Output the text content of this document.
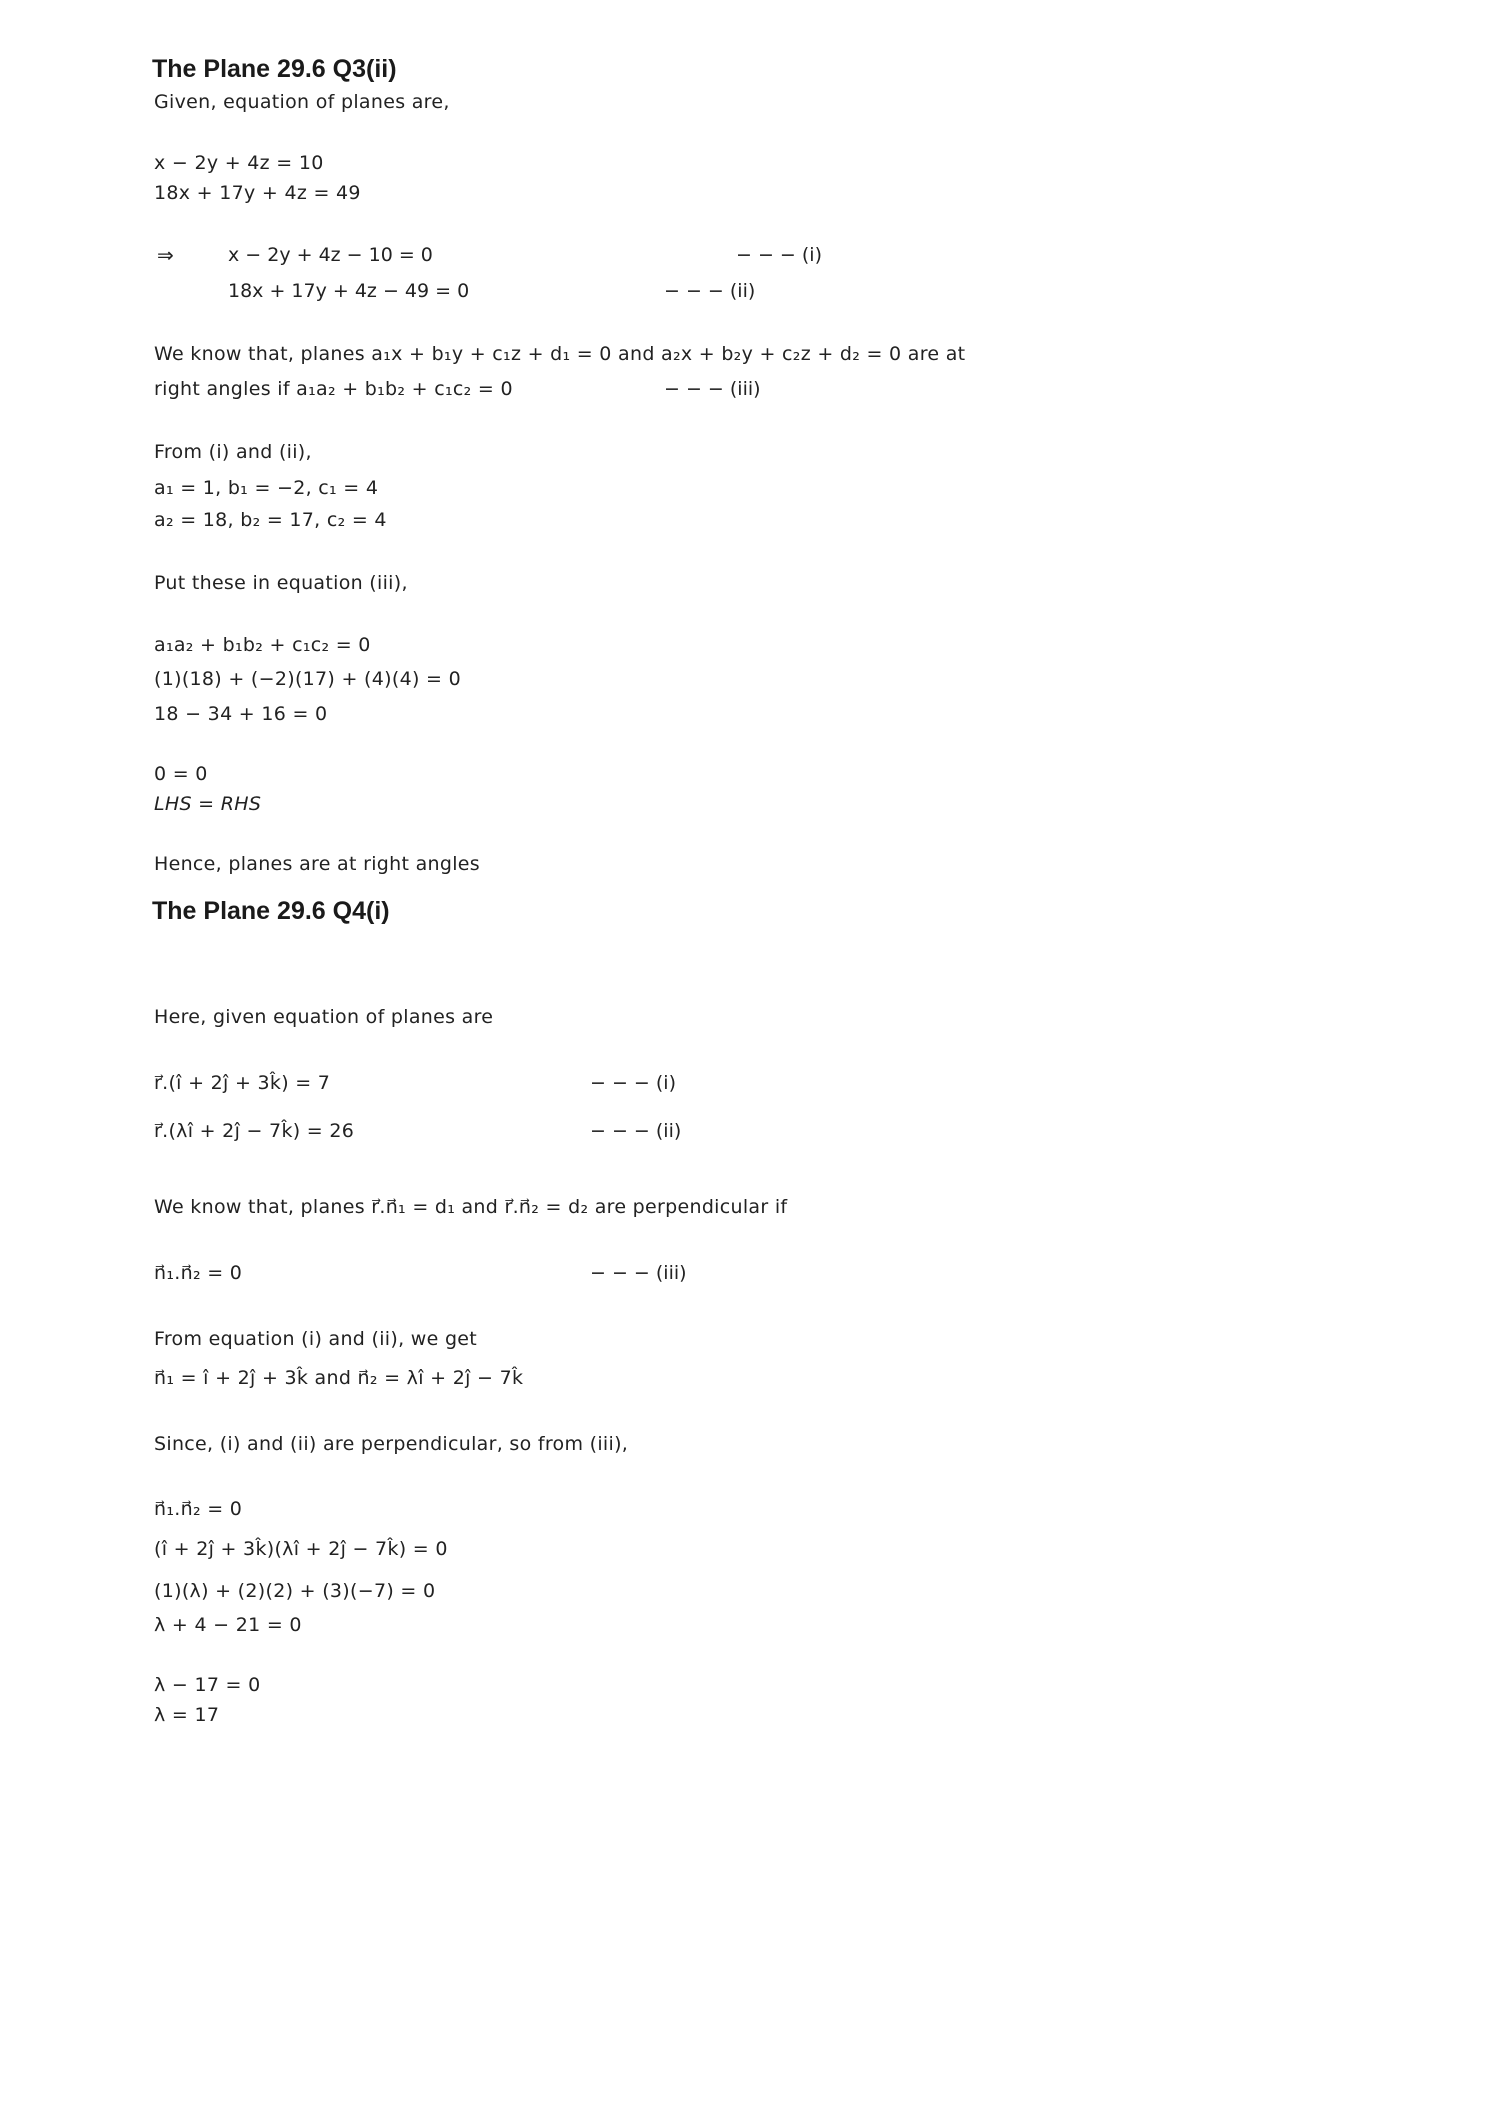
The Plane 29.6 Q3(ii)
Given, equation of planes are,
x − 2y + 4z = 10
18x + 17y + 4z = 49
⇒	x − 2y + 4z − 10 = 0	− − − (i)
18x + 17y + 4z − 49 = 0	− − − (ii)
We know that, planes a₁x + b₁y + c₁z + d₁ = 0 and a₂x + b₂y + c₂z + d₂ = 0 are at
right angles if a₁a₂ + b₁b₂ + c₁c₂ = 0	− − − (iii)
From (i) and (ii),
a₁ = 1, b₁ = −2, c₁ = 4
a₂ = 18, b₂ = 17, c₂ = 4
Put these in equation (iii),
a₁a₂ + b₁b₂ + c₁c₂ = 0
(1)(18) + (−2)(17) + (4)(4) = 0
18 − 34 + 16 = 0
0 = 0
LHS = RHS
Hence, planes are at right angles
The Plane 29.6 Q4(i)
Here, given equation of planes are
r⃗.(î + 2ĵ + 3k̂) = 7	− − − (i)
r⃗.(λî + 2ĵ − 7k̂) = 26	− − − (ii)
We know that, planes r⃗.n⃗₁ = d₁ and r⃗.n⃗₂ = d₂ are perpendicular if
n⃗₁.n⃗₂ = 0	− − − (iii)
From equation (i) and (ii), we get
n⃗₁ = î + 2ĵ + 3k̂ and n⃗₂ = λî + 2ĵ − 7k̂
Since, (i) and (ii) are perpendicular, so from (iii),
n⃗₁.n⃗₂ = 0
(î + 2ĵ + 3k̂)(λî + 2ĵ − 7k̂) = 0
(1)(λ) + (2)(2) + (3)(−7) = 0
λ + 4 − 21 = 0
λ − 17 = 0
λ = 17
